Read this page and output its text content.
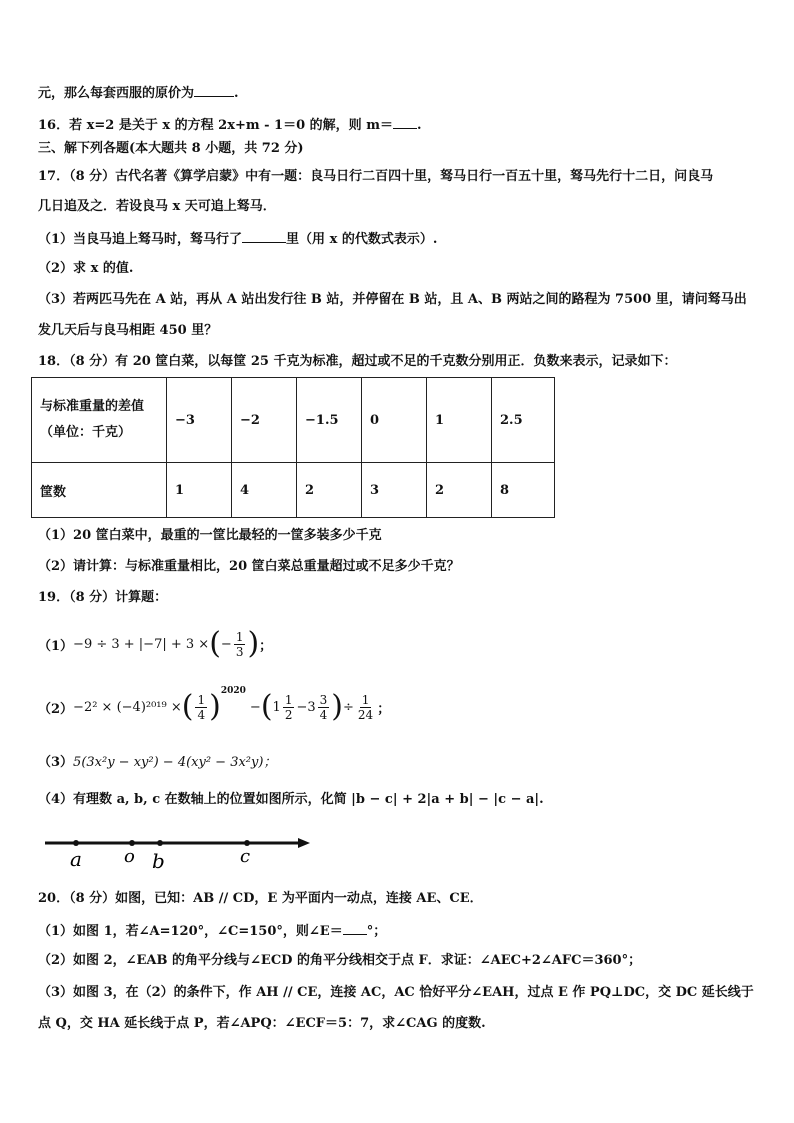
元，那么每套西服的原价为	.
16．若 x=2 是关于 x 的方程 2x+m - 1＝0 的解，则 m＝ .
三、解下列各题(本大题共 8 小题，共 72 分)
17．（8 分）古代名著《算学启蒙》中有一题：良马日行二百四十里，驽马日行一百五十里，驽马先行十二日，问良马
几日追及之．若设良马 x 天可追上驽马．
（1）当良马追上驽马时，驽马行了	里（用 x 的代数式表示）.
（2）求 x 的值.
（3）若两匹马先在 A 站，再从 A 站出发行往 B 站，并停留在 B 站，且 A、B 两站之间的路程为 7500 里，请问驽马出
发几天后与良马相距 450 里？
18．（8 分）有 20 筐白菜，以每筐 25 千克为标准，超过或不足的千克数分别用正．负数来表示，记录如下：
与标准重量的差值
（单位：千克）	−3	−2	−1.5	0	1	2.5
筐数	1	4	2	3	2	8
（1）20 筐白菜中，最重的一筐比最轻的一筐多装多少千克
（2）请计算：与标准重量相比，20 筐白菜总重量超过或不足多少千克？
19．（8 分）计算题：
（1） −9 ÷ 3 + |−7| + 3 × ( − $\frac{1}{3}$ ) ；
（2） −2² × (−4)²⁰¹⁹ × ( $\frac{1}{4} )^{2020}$
− ( $1 \frac{1}{2} - 3 \frac{3}{4}$ ) ÷ $\frac{1}{24}$ ；
（3） 5(3x²y − xy²) − 4(xy² − 3x²y)；
（4）有理数 a, b, c 在数轴上的位置如图所示，化简 |b − c| + 2|a + b| − |c − a|.
a o b	c
20．（8 分）如图，已知：AB // CD，E 为平面内一动点，连接 AE、CE．
（1）如图 1，若∠A=120°，∠C=150°，则∠E＝ °；
（2）如图 2，∠EAB 的角平分线与∠ECD 的角平分线相交于点 F．求证：∠AEC+2∠AFC＝360°；
（3）如图 3，在（2）的条件下，作 AH // CE，连接 AC，AC 恰好平分∠EAH，过点 E 作 PQ⊥DC，交 DC 延长线于
点 Q，交 HA 延长线于点 P，若∠APQ：∠ECF＝5：7，求∠CAG 的度数.
